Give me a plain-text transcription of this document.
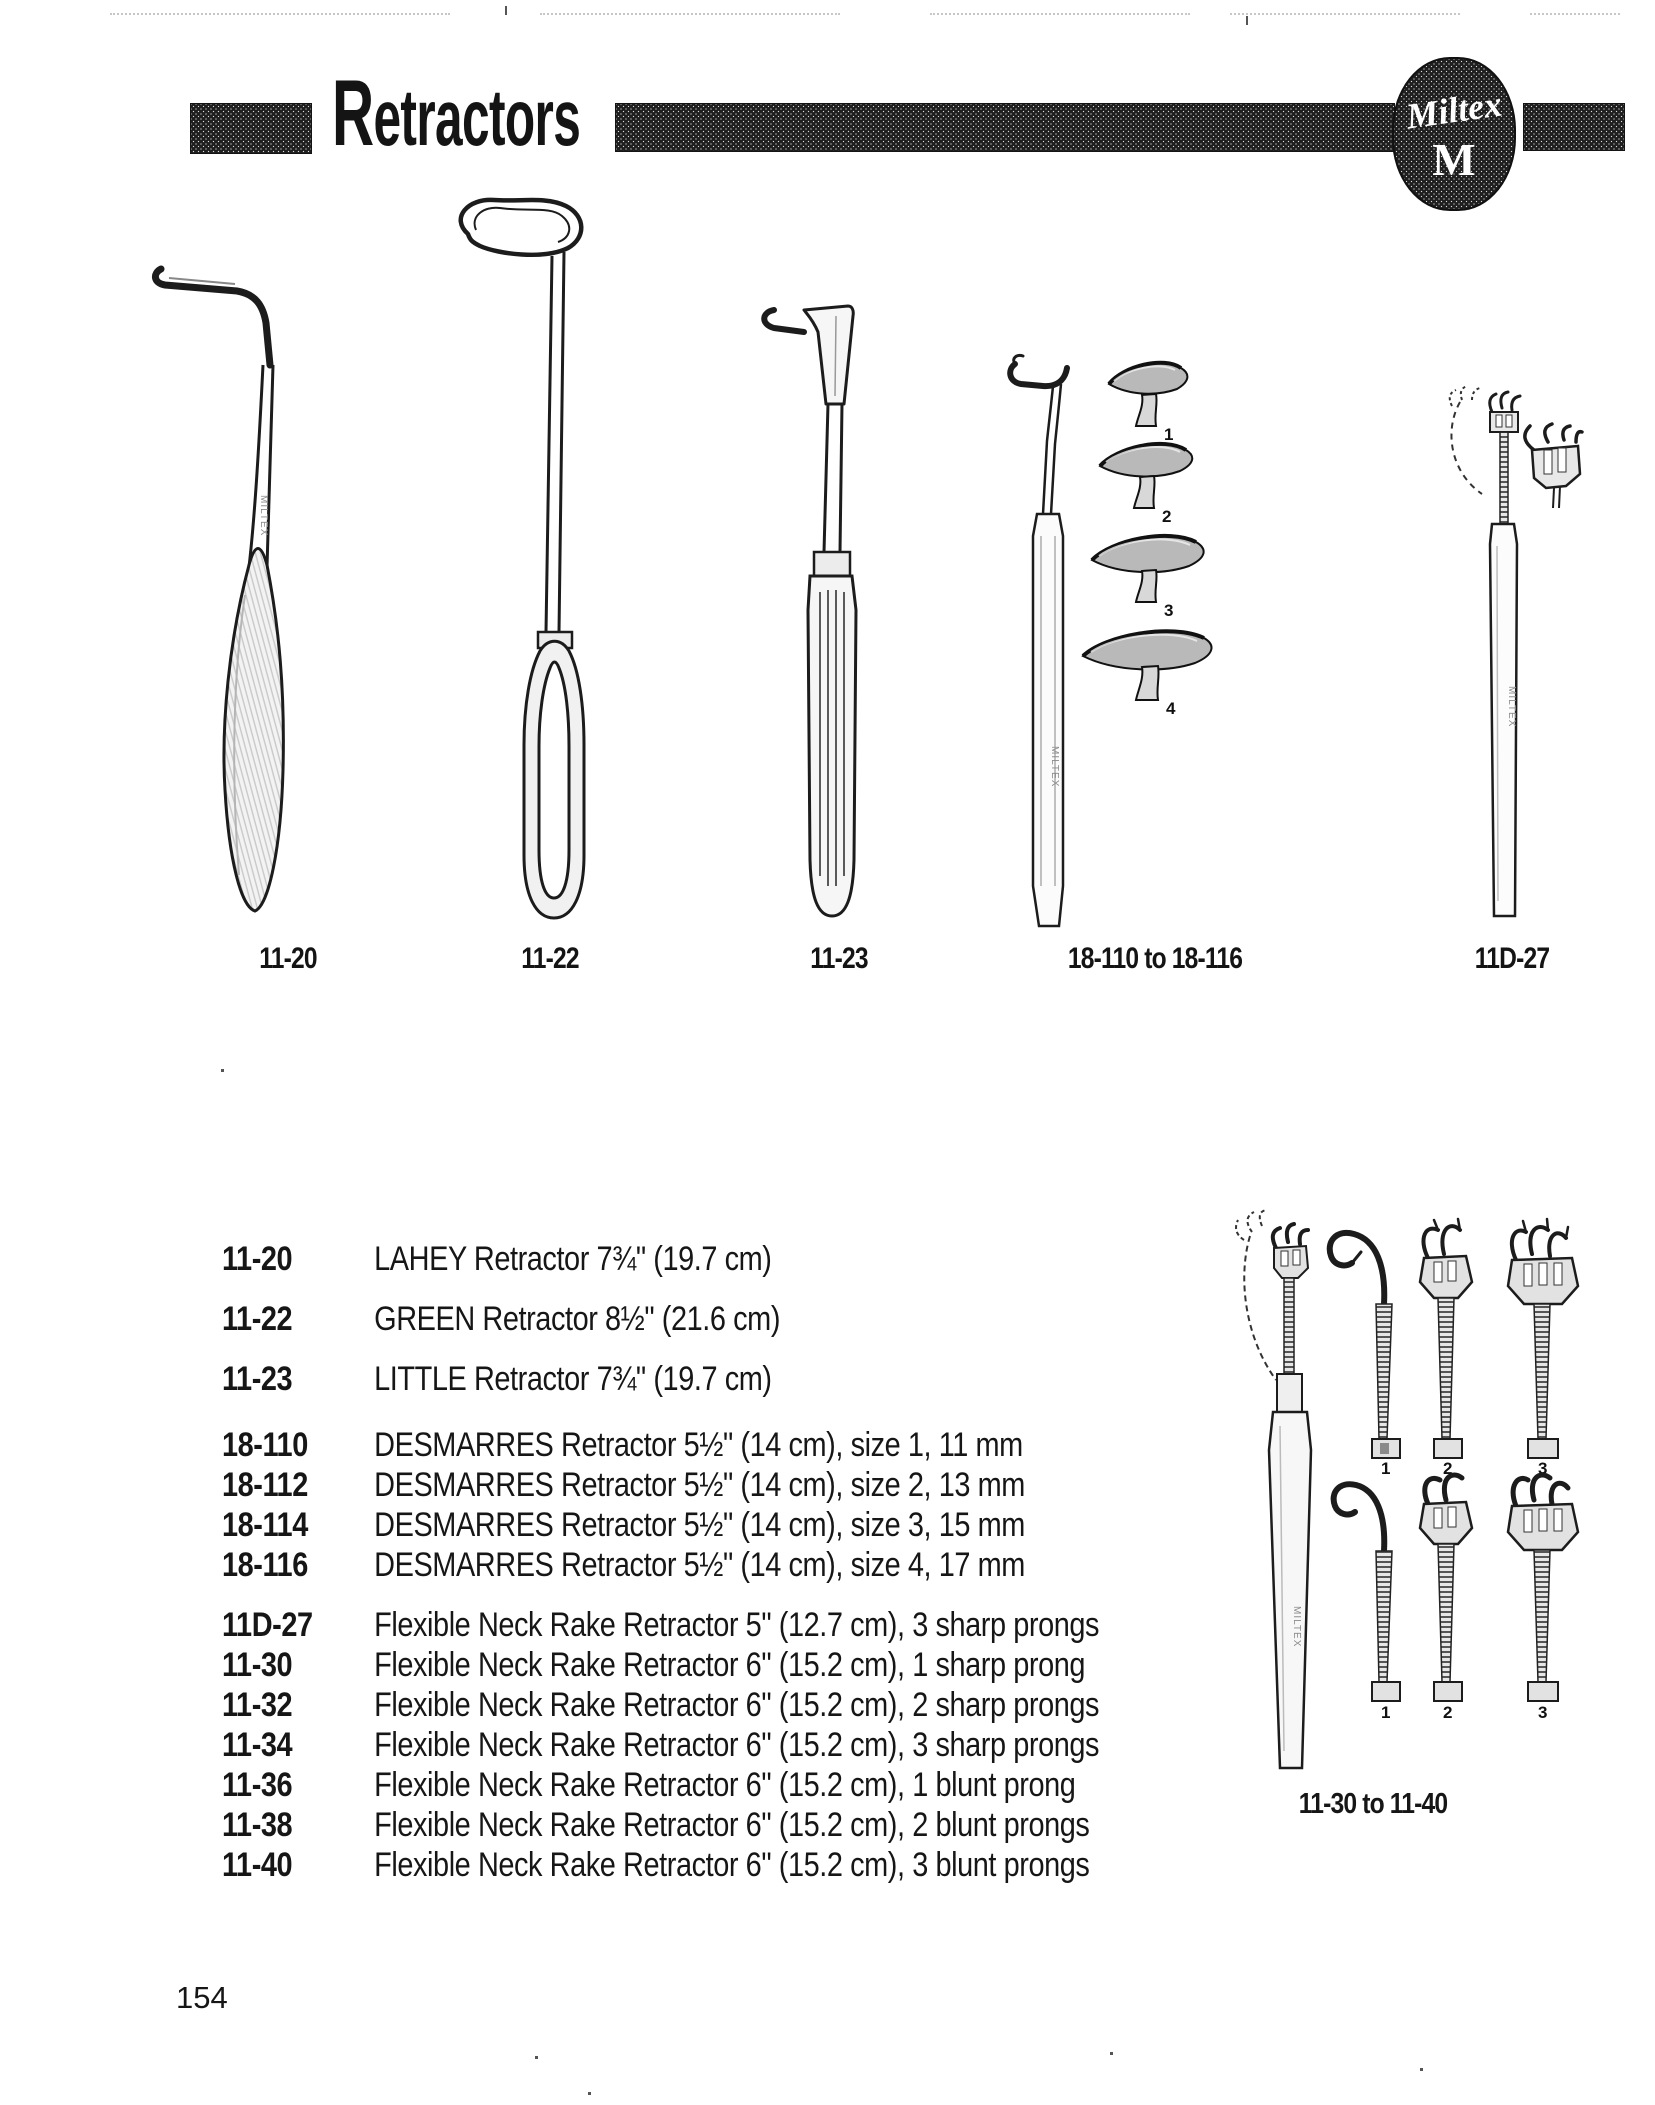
Retractors	Miltex
M
MILTEX
MILTEX
1
2
3
4	MILTEX
11-20	11-22	11-23	18-110 to 18-116	11D-27
11-20 LAHEY Retractor 7¾" (19.7 cm)
11-22 GREEN Retractor 8½" (21.6 cm)
11-23 LITTLE Retractor 7¾" (19.7 cm)
18-110 DESMARRES Retractor 5½" (14 cm), size 1, 11 mm
18-112 DESMARRES Retractor 5½" (14 cm), size 2, 13 mm
18-114 DESMARRES Retractor 5½" (14 cm), size 3, 15 mm
18-116 DESMARRES Retractor 5½" (14 cm), size 4, 17 mm
11D-27 Flexible Neck Rake Retractor 5" (12.7 cm), 3 sharp prongs
11-30 Flexible Neck Rake Retractor 6" (15.2 cm), 1 sharp prong
11-32 Flexible Neck Rake Retractor 6" (15.2 cm), 2 sharp prongs
11-34 Flexible Neck Rake Retractor 6" (15.2 cm), 3 sharp prongs
11-36 Flexible Neck Rake Retractor 6" (15.2 cm), 1 blunt prong
11-38 Flexible Neck Rake Retractor 6" (15.2 cm), 2 blunt prongs
11-40 Flexible Neck Rake Retractor 6" (15.2 cm), 3 blunt prongs
MILTEX
1	2	3
1	2	3
11-30 to 11-40
154
